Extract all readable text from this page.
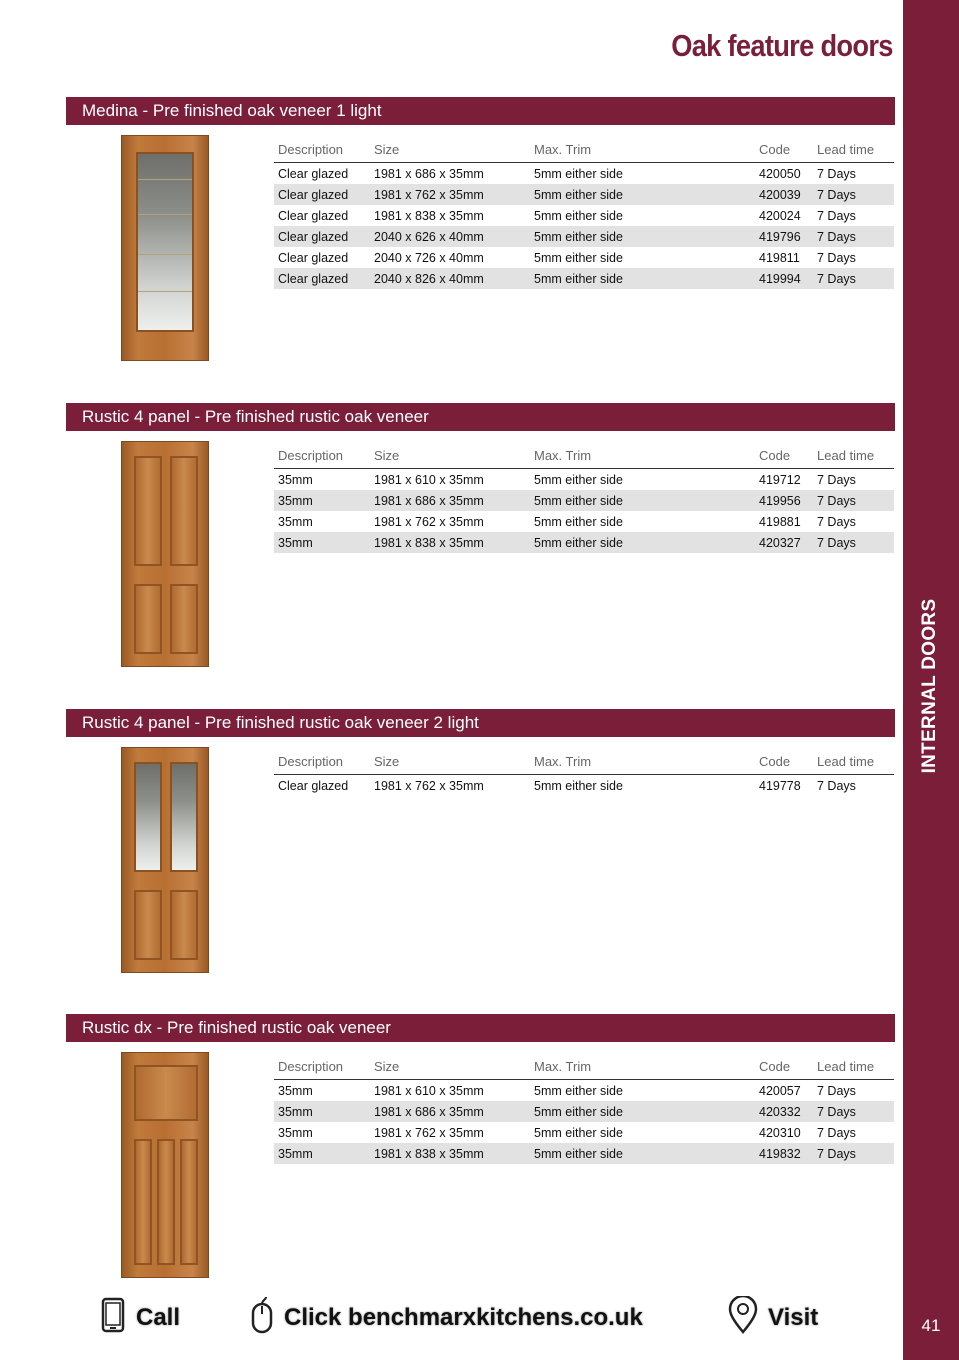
Oak feature doors
INTERNAL DOORS
41
Medina - Pre finished oak veneer 1 light
Description	Size	Max. Trim	Code	Lead time
Clear glazed	1981 x 686 x 35mm	5mm either side	420050	7 Days
Clear glazed	1981 x 762 x 35mm	5mm either side	420039	7 Days
Clear glazed	1981 x 838 x 35mm	5mm either side	420024	7 Days
Clear glazed	2040 x 626 x 40mm	5mm either side	419796	7 Days
Clear glazed	2040 x 726 x 40mm	5mm either side	419811	7 Days
Clear glazed	2040 x 826 x 40mm	5mm either side	419994	7 Days
Rustic 4 panel - Pre finished rustic oak veneer
Description	Size	Max. Trim	Code	Lead time
35mm	1981 x 610 x 35mm	5mm either side	419712	7 Days
35mm	1981 x 686 x 35mm	5mm either side	419956	7 Days
35mm	1981 x 762 x 35mm	5mm either side	419881	7 Days
35mm	1981 x 838 x 35mm	5mm either side	420327	7 Days
Rustic 4 panel - Pre finished rustic oak veneer 2 light
Description	Size	Max. Trim	Code	Lead time
Clear glazed	1981 x 762 x 35mm	5mm either side	419778	7 Days
Rustic dx - Pre finished rustic oak veneer
Description	Size	Max. Trim	Code	Lead time
35mm	1981 x 610 x 35mm	5mm either side	420057	7 Days
35mm	1981 x 686 x 35mm	5mm either side	420332	7 Days
35mm	1981 x 762 x 35mm	5mm either side	420310	7 Days
35mm	1981 x 838 x 35mm	5mm either side	419832	7 Days
Call	Click benchmarxkitchens.co.uk	Visit
